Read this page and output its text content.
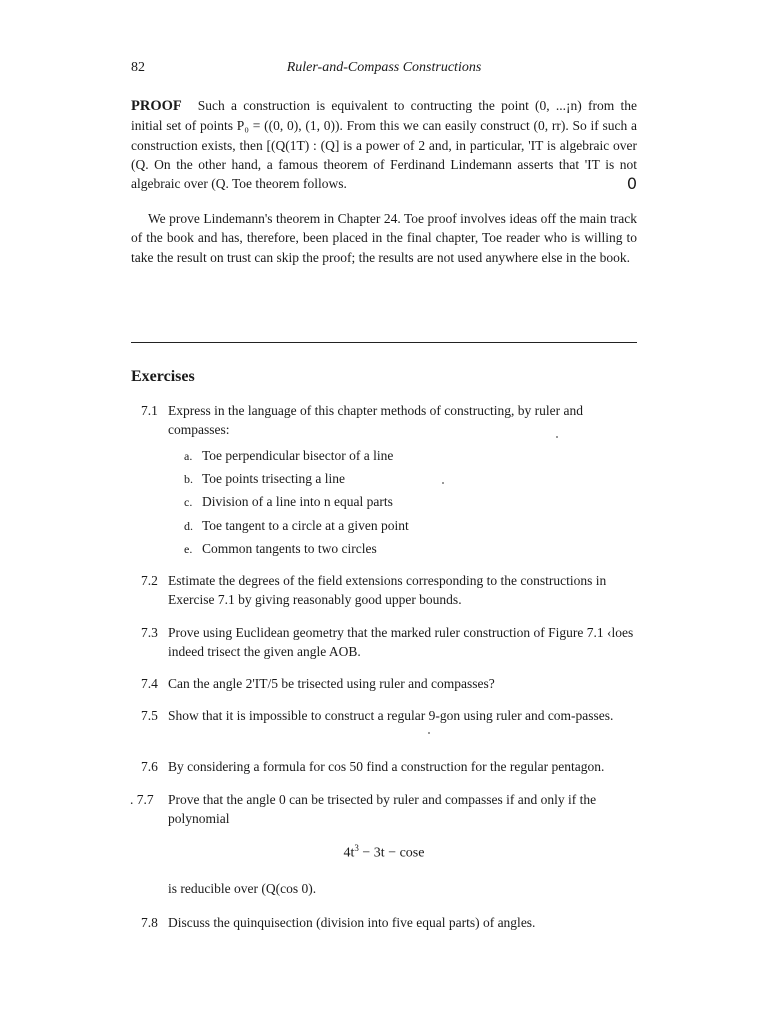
82	Ruler-and-Compass Constructions
PROOF Such a construction is equivalent to contructing the point (0, ...¡n) from the initial set of points P₀ = ((0, 0), (1, 0)). From this we can easily construct (0, rr). So if such a construction exists, then [(Q(1T) : (Q] is a power of 2 and, in particular, 'IT is algebraic over (Q. On the other hand, a famous theorem of Ferdinand Lindemann asserts that 'IT is not algebraic over (Q. Toe theorem follows.	0
We prove Lindemann's theorem in Chapter 24. Toe proof involves ideas off the main track of the book and has, therefore, been placed in the final chapter, Toe reader who is willing to take the result on trust can skip the proof; the results are not used anywhere else in the book.
Exercises
7.1 Express in the language of this chapter methods of constructing, by ruler and compasses:
a. Toe perpendicular bisector of a line
b. Toe points trisecting a line
c. Division of a line into n equal parts
d. Toe tangent to a circle at a given point
e. Common tangents to two circles
7.2 Estimate the degrees of the field extensions corresponding to the constructions in Exercise 7.1 by giving reasonably good upper bounds.
7.3 Prove using Euclidean geometry that the marked ruler construction of Figure 7.1 ‹loes indeed trisect the given angle AOB.
7.4 Can the angle 2'IT/5 be trisected using ruler and compasses?
7.5 Show that it is impossible to construct a regular 9-gon using ruler and com-passes.
7.6 By considering a formula for cos 50 find a construction for the regular pentagon.
. 7.7	Prove that the angle 0 can be trisected by ruler and compasses if and only if the polynomial
$4t^3 - 3t - \cos e$
is reducible over (Q(cos 0).
7.8 Discuss the quinquisection (division into five equal parts) of angles.
